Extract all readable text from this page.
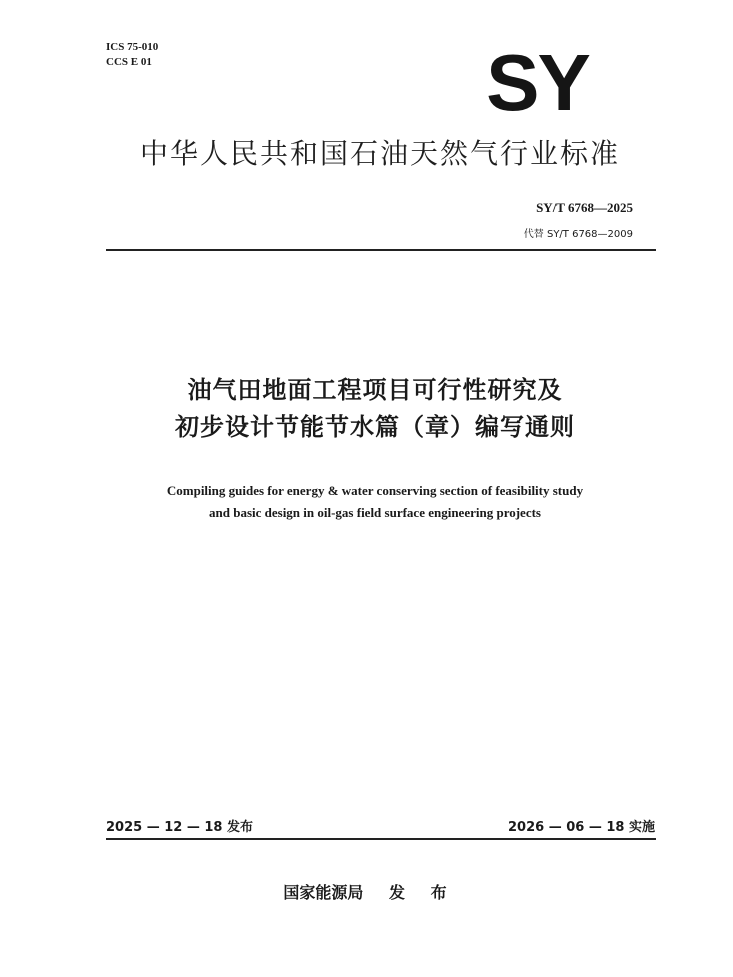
ICS 75-010
CCS E 01	SY
中华人民共和国石油天然气行业标准
SY/T 6768—2025
代替 SY/T 6768—2009
油气田地面工程项目可行性研究及
初步设计节能节水篇（章）编写通则
Compiling guides for energy & water conserving section of feasibility study
and basic design in oil-gas field surface engineering projects
2025 — 12 — 18 发布	2026 — 06 — 18 实施
国家能源局 发 布
